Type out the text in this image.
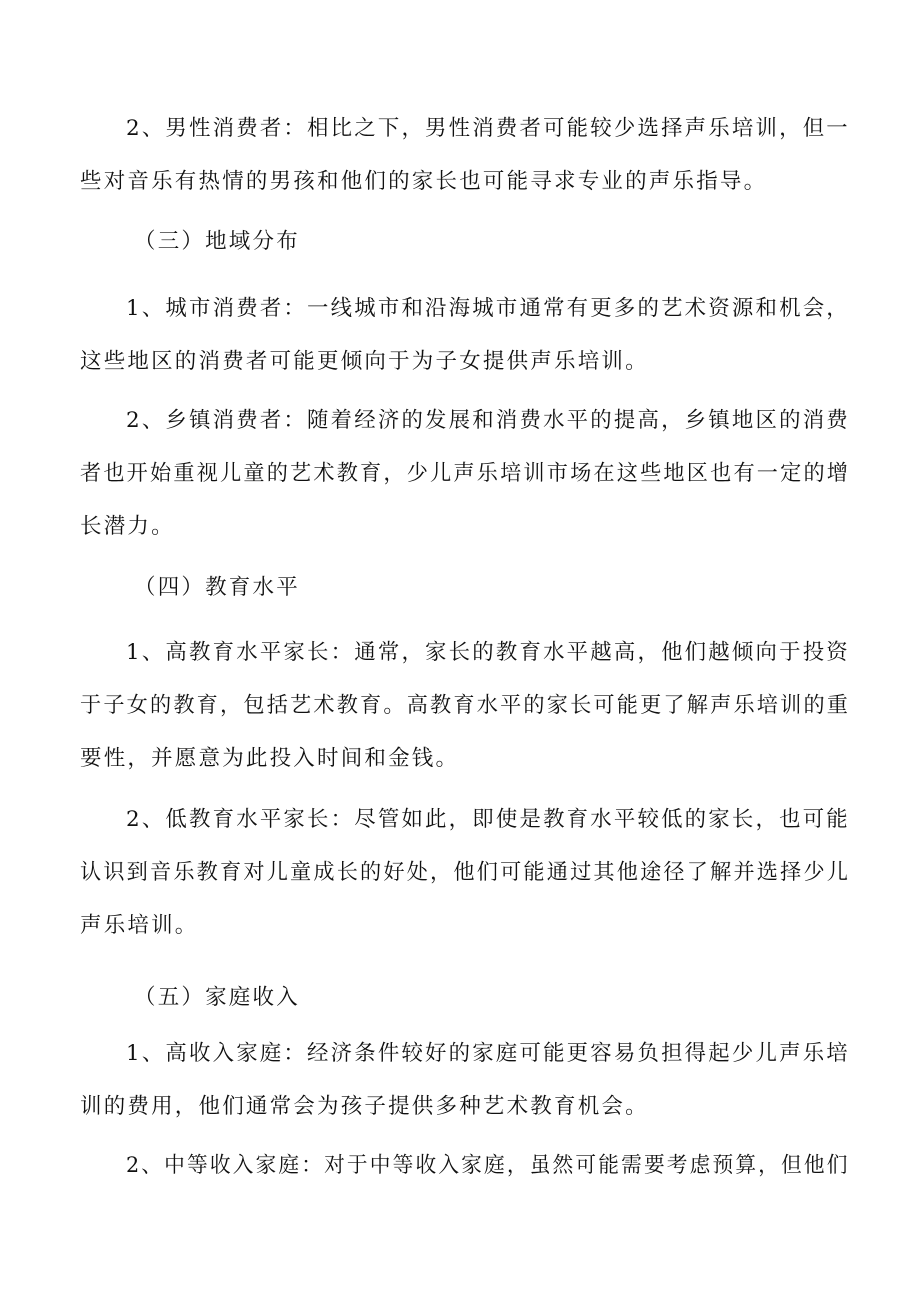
2、男性消费者：相比之下，男性消费者可能较少选择声乐培训，但一
些对音乐有热情的男孩和他们的家长也可能寻求专业的声乐指导。
（三）地域分布
1、城市消费者：一线城市和沿海城市通常有更多的艺术资源和机会，
这些地区的消费者可能更倾向于为子女提供声乐培训。
2、乡镇消费者：随着经济的发展和消费水平的提高，乡镇地区的消费
者也开始重视儿童的艺术教育，少儿声乐培训市场在这些地区也有一定的增
长潜力。
（四）教育水平
1、高教育水平家长：通常，家长的教育水平越高，他们越倾向于投资
于子女的教育，包括艺术教育。高教育水平的家长可能更了解声乐培训的重
要性，并愿意为此投入时间和金钱。
2、低教育水平家长：尽管如此，即使是教育水平较低的家长，也可能
认识到音乐教育对儿童成长的好处，他们可能通过其他途径了解并选择少儿
声乐培训。
（五）家庭收入
1、高收入家庭：经济条件较好的家庭可能更容易负担得起少儿声乐培
训的费用，他们通常会为孩子提供多种艺术教育机会。
2、中等收入家庭：对于中等收入家庭，虽然可能需要考虑预算，但他们
